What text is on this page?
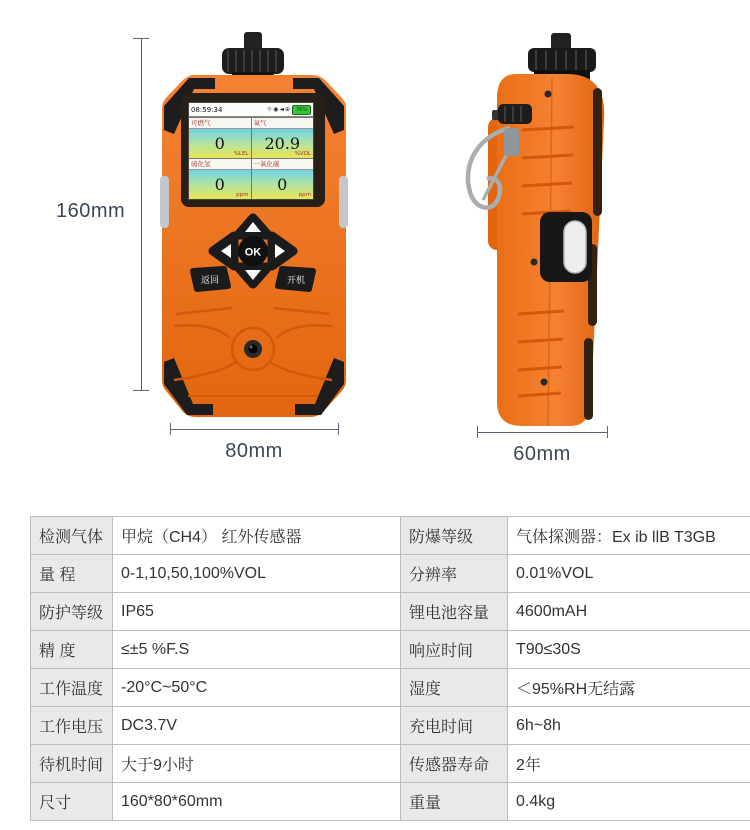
160mm
OK
返回	开机
08:59:34	☼ ◉ ◄ ⊕	76%
可燃气
0
%LEL
氧气
20.9
%VOL
硫化氢
0
ppm
一氧化碳
0
ppm
80mm	60mm
检测气体	甲烷（CH4） 红外传感器	防爆等级	气体探测器：Ex ib llB T3GB
量 程	0-1,10,50,100%VOL	分辨率	0.01%VOL
防护等级	IP65	锂电池容量	4600mAH
精 度	≤±5 %F.S	响应时间	T90≤30S
工作温度	-20°C~50°C	湿度	＜95%RH无结露
工作电压	DC3.7V	充电时间	6h~8h
待机时间	大于9小时	传感器寿命	2年
尺寸	160*80*60mm	重量	0.4kg
